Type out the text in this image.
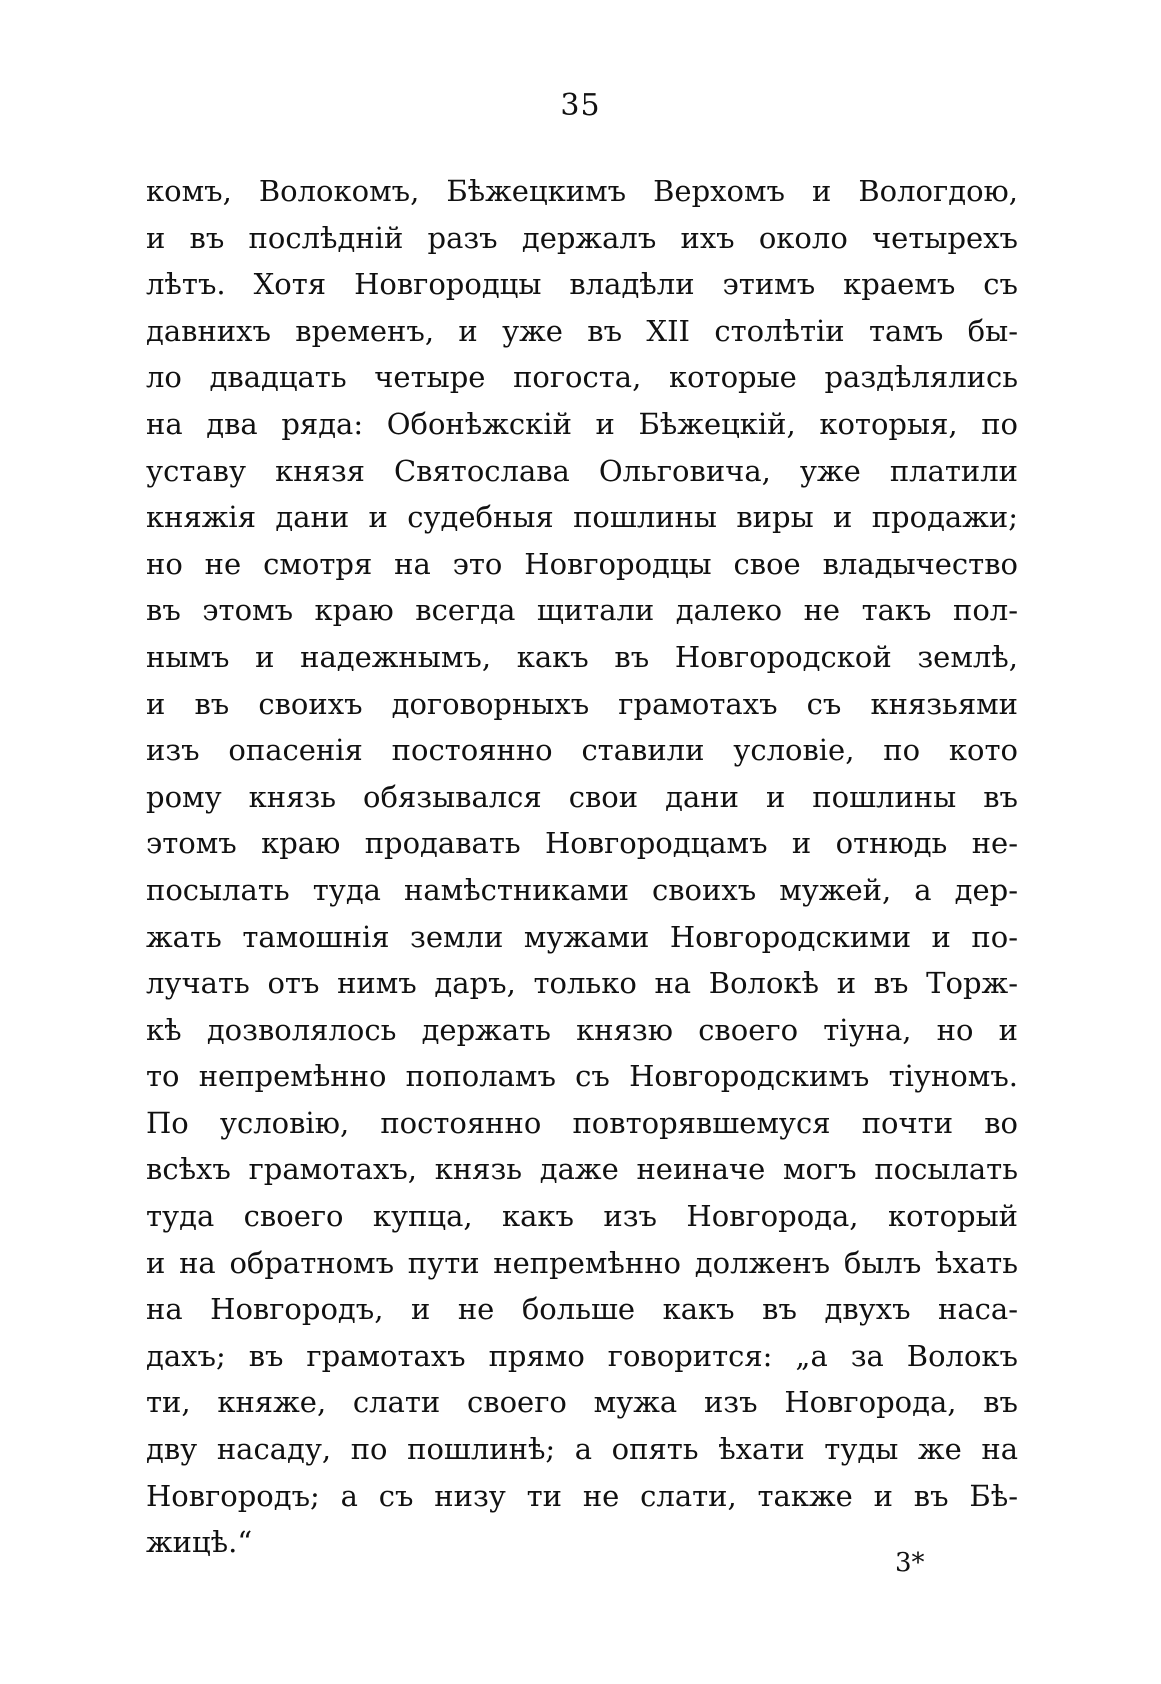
35
комъ, Волокомъ, Бѣжецкимъ Верхомъ и Вологдою,
и въ послѣдній разъ держалъ ихъ около четырехъ
лѣтъ. Хотя Новгородцы владѣли этимъ краемъ съ
давнихъ временъ, и уже въ XII столѣтіи тамъ бы-
ло двадцать четыре погоста, которые раздѣлялись
на два ряда: Обонѣжскій и Бѣжецкій, которыя, по
уставу князя Святослава Ольговича, уже платили
княжія дани и судебныя пошлины виры и продажи;
но не смотря на это Новгородцы свое владычество
въ этомъ краю всегда щитали далеко не такъ пол-
нымъ и надежнымъ, какъ въ Новгородской землѣ,
и въ своихъ договорныхъ грамотахъ съ князьями
изъ опасенія постоянно ставили условіе, по кото
рому князь обязывался свои дани и пошлины въ
этомъ краю продавать Новгородцамъ и отнюдь не-
посылать туда намѣстниками своихъ мужей, а дер-
жать тамошнія земли мужами Новгородскими и по-
лучать отъ нимъ даръ, только на Волокѣ и въ Торж-
кѣ дозволялось держать князю своего тіуна, но и
то непремѣнно пополамъ съ Новгородскимъ тіуномъ.
По условію, постоянно повторявшемуся почти во
всѣхъ грамотахъ, князь даже неиначе могъ посылать
туда своего купца, какъ изъ Новгорода, который
и на обратномъ пути непремѣнно долженъ былъ ѣхать
на Новгородъ, и не больше какъ въ двухъ наса-
дахъ; въ грамотахъ прямо говорится: „а за Волокъ
ти, княже, слати своего мужа изъ Новгорода, въ
дву насаду, по пошлинѣ; а опять ѣхати туды же на
Новгородъ; а съ низу ти не слати, также и въ Бѣ-
жицѣ.“
3*
